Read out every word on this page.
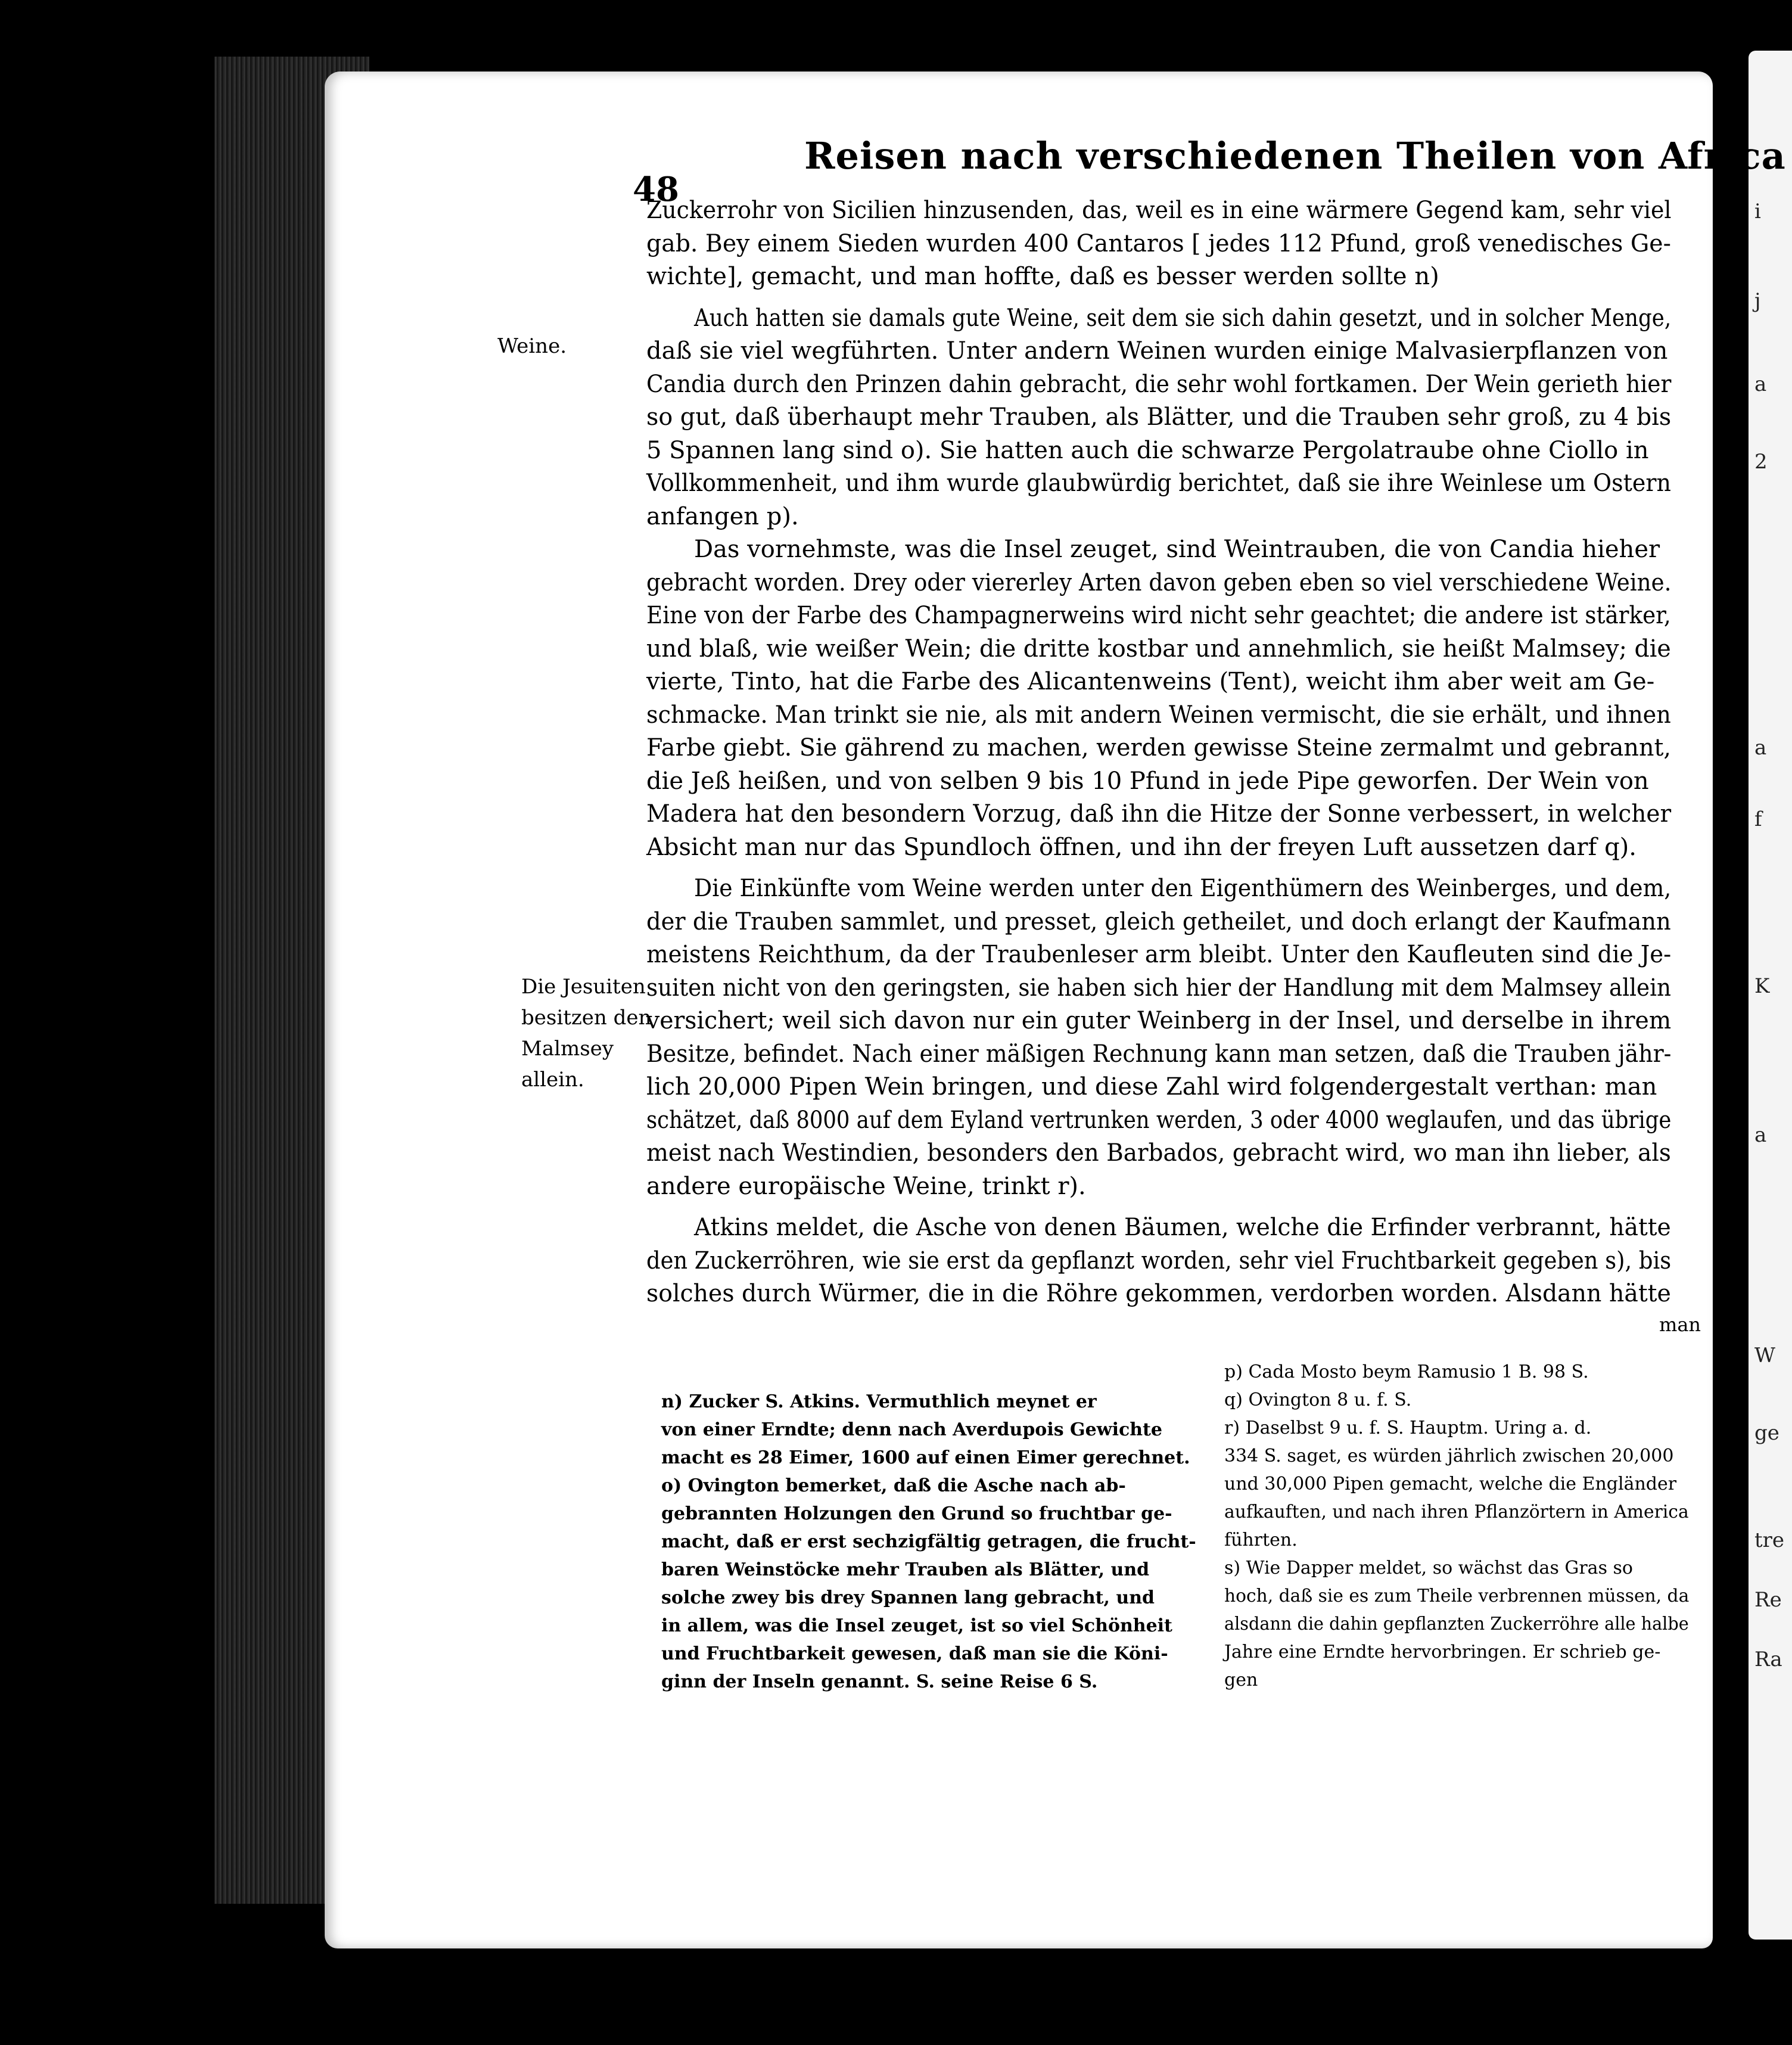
i
j
a
2
a
f
K
a
W
ge
tre
Re
Ra
48
Reisen nach verschiedenen Theilen von Africa
Weine.
Die Jesuiten
besitzen den
Malmsey
allein.
Zuckerrohr von Sicilien hinzusenden, das, weil es in eine wärmere Gegend kam, sehr viel
gab. Bey einem Sieden wurden 400 Cantaros [ jedes 112 Pfund, groß venedisches Ge-
wichte], gemacht, und man hoffte, daß es besser werden sollte n)
Auch hatten sie damals gute Weine, seit dem sie sich dahin gesetzt, und in solcher Menge,
daß sie viel wegführten. Unter andern Weinen wurden einige Malvasierpflanzen von
Candia durch den Prinzen dahin gebracht, die sehr wohl fortkamen. Der Wein gerieth hier
so gut, daß überhaupt mehr Trauben, als Blätter, und die Trauben sehr groß, zu 4 bis
5 Spannen lang sind o). Sie hatten auch die schwarze Pergolatraube ohne Ciollo in
Vollkommenheit, und ihm wurde glaubwürdig berichtet, daß sie ihre Weinlese um Ostern
anfangen p).
Das vornehmste, was die Insel zeuget, sind Weintrauben, die von Candia hieher
gebracht worden. Drey oder viererley Arten davon geben eben so viel verschiedene Weine.
Eine von der Farbe des Champagnerweins wird nicht sehr geachtet; die andere ist stärker,
und blaß, wie weißer Wein; die dritte kostbar und annehmlich, sie heißt Malmsey; die
vierte, Tinto, hat die Farbe des Alicantenweins (Tent), weicht ihm aber weit am Ge-
schmacke. Man trinkt sie nie, als mit andern Weinen vermischt, die sie erhält, und ihnen
Farbe giebt. Sie gährend zu machen, werden gewisse Steine zermalmt und gebrannt,
die Jeß heißen, und von selben 9 bis 10 Pfund in jede Pipe geworfen. Der Wein von
Madera hat den besondern Vorzug, daß ihn die Hitze der Sonne verbessert, in welcher
Absicht man nur das Spundloch öffnen, und ihn der freyen Luft aussetzen darf q).
Die Einkünfte vom Weine werden unter den Eigenthümern des Weinberges, und dem,
der die Trauben sammlet, und presset, gleich getheilet, und doch erlangt der Kaufmann
meistens Reichthum, da der Traubenleser arm bleibt. Unter den Kaufleuten sind die Je-
suiten nicht von den geringsten, sie haben sich hier der Handlung mit dem Malmsey allein
versichert; weil sich davon nur ein guter Weinberg in der Insel, und derselbe in ihrem
Besitze, befindet. Nach einer mäßigen Rechnung kann man setzen, daß die Trauben jähr-
lich 20,000 Pipen Wein bringen, und diese Zahl wird folgendergestalt verthan: man
schätzet, daß 8000 auf dem Eyland vertrunken werden, 3 oder 4000 weglaufen, und das übrige
meist nach Westindien, besonders den Barbados, gebracht wird, wo man ihn lieber, als
andere europäische Weine, trinkt r).
Atkins meldet, die Asche von denen Bäumen, welche die Erfinder verbrannt, hätte
den Zuckerröhren, wie sie erst da gepflanzt worden, sehr viel Fruchtbarkeit gegeben s), bis
solches durch Würmer, die in die Röhre gekommen, verdorben worden. Alsdann hätte
man
n) Zucker S. Atkins. Vermuthlich meynet er
von einer Erndte; denn nach Averdupois Gewichte
macht es 28 Eimer, 1600 auf einen Eimer gerechnet.
o) Ovington bemerket, daß die Asche nach ab-
gebrannten Holzungen den Grund so fruchtbar ge-
macht, daß er erst sechzigfältig getragen, die frucht-
baren Weinstöcke mehr Trauben als Blätter, und
solche zwey bis drey Spannen lang gebracht, und
in allem, was die Insel zeuget, ist so viel Schönheit
und Fruchtbarkeit gewesen, daß man sie die Köni-
ginn der Inseln genannt. S. seine Reise 6 S.
p) Cada Mosto beym Ramusio 1 B. 98 S.
q) Ovington 8 u. f. S.
r) Daselbst 9 u. f. S. Hauptm. Uring a. d.
334 S. saget, es würden jährlich zwischen 20,000
und 30,000 Pipen gemacht, welche die Engländer
aufkauften, und nach ihren Pflanzörtern in America
führten.
s) Wie Dapper meldet, so wächst das Gras so
hoch, daß sie es zum Theile verbrennen müssen, da
alsdann die dahin gepflanzten Zuckerröhre alle halbe
Jahre eine Erndte hervorbringen. Er schrieb ge-
gen
